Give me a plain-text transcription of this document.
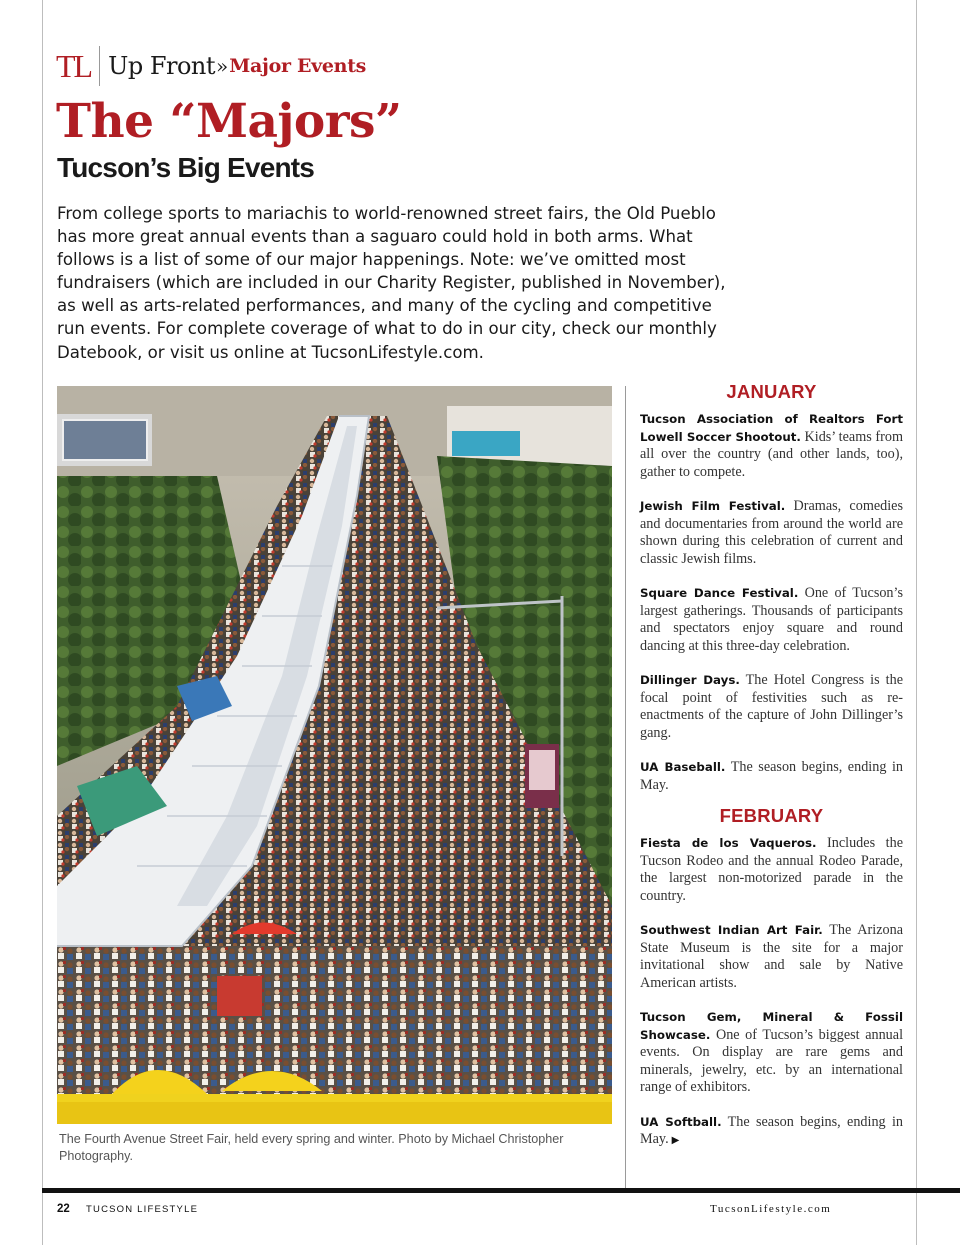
TL Up Front » Major Events
The “Majors”
Tucson’s Big Events
From college sports to mariachis to world-renowned street fairs, the Old Pueblo
has more great annual events than a saguaro could hold in both arms. What
follows is a list of some of our major happenings. Note: we’ve omitted most
fundraisers (which are included in our Charity Register, published in November),
as well as arts-related performances, and many of the cycling and competitive
run events. For complete coverage of what to do in our city, check our monthly
Datebook, or visit us online at TucsonLifestyle.com.
The Fourth Avenue Street Fair, held every spring and winter. Photo by Michael Christopher Photography.
JANUARY

Tucson Association of Realtors Fort Lowell Soccer Shootout. Kids’ teams from all over the country (and other lands, too), gather to compete.

Jewish Film Festival. Dramas, comedies and documentaries from around the world are shown during this celebration of current and classic Jewish films.

Square Dance Festival. One of Tucson’s largest gatherings. Thousands of participants and spectators enjoy square and round dancing at this three-day celebration.

Dillinger Days. The Hotel Congress is the focal point of festivities such as re-enactments of the capture of John Dillinger’s gang.

UA Baseball. The season begins, ending in May.

FEBRUARY

Fiesta de los Vaqueros. Includes the Tucson Rodeo and the annual Rodeo Parade, the largest non-motorized parade in the country.

Southwest Indian Art Fair. The Arizona State Museum is the site for a major invitational show and sale by Native American artists.

Tucson Gem, Mineral & Fossil Showcase. One of Tucson’s biggest annual events. On display are rare gems and minerals, jewelry, etc. by an international range of exhibitors.

UA Softball. The season begins, ending in May. ▶

22 TUCSON LIFESTYLE	TucsonLifestyle.com
